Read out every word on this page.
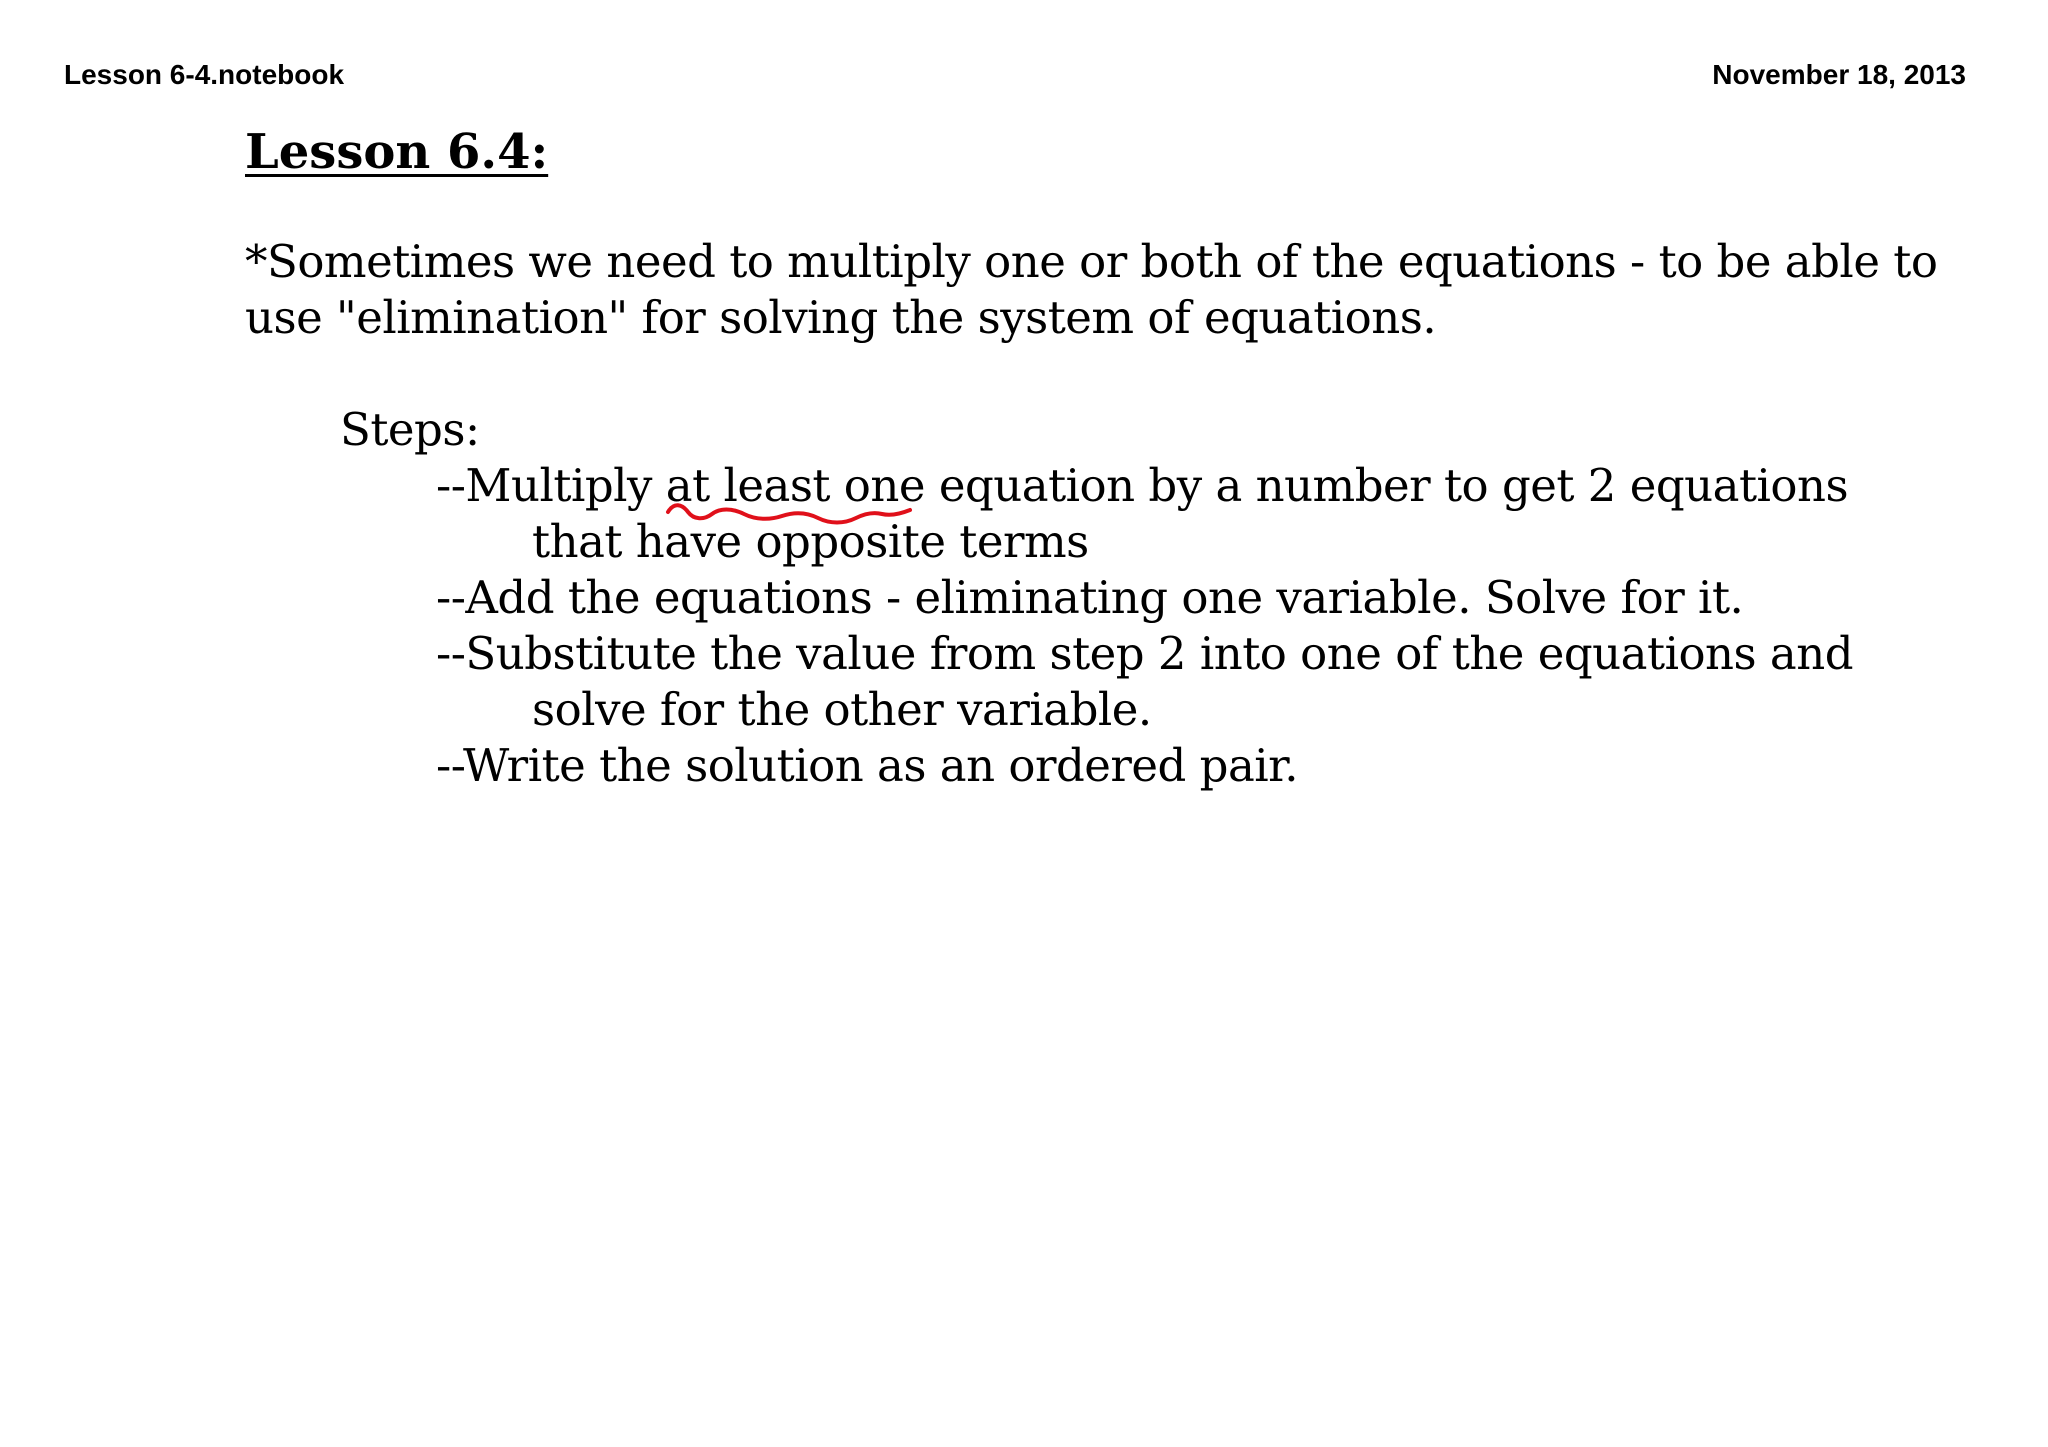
Lesson 6-4.notebook	November 18, 2013
Lesson 6.4:
*Sometimes we need to multiply one or both of the equations - to be able to
use "elimination" for solving the system of equations.
Steps:
--Multiply at least one equation by a number to get 2 equations
that have opposite terms
--Add the equations - eliminating one variable. Solve for it.
--Substitute the value from step 2 into one of the equations and
solve for the other variable.
--Write the solution as an ordered pair.
